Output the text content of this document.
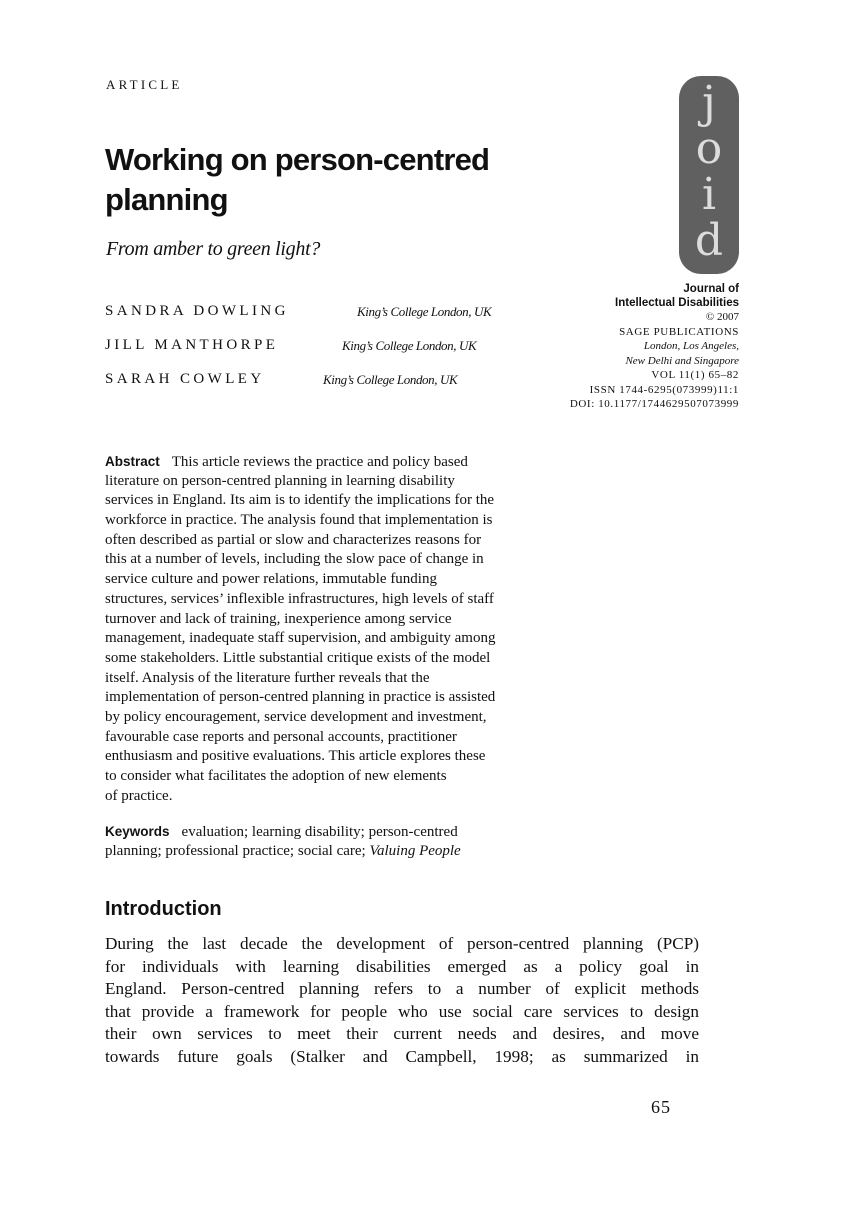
ARTICLE
Working on person-centred
planning
From amber to green light?
SANDRA DOWLING	King’s College London, UK
JILL MANTHORPE	King’s College London, UK
SARAH COWLEY	King’s College London, UK
j
o
i
d
Journal of
Intellectual Disabilities
© 2007
SAGE PUBLICATIONS
London, Los Angeles,
New Delhi and Singapore
VOL 11(1) 65–82
ISSN 1744-6295(073999)11:1
DOI: 10.1177/1744629507073999
Abstract This article reviews the practice and policy based
literature on person-centred planning in learning disability
services in England. Its aim is to identify the implications for the
workforce in practice. The analysis found that implementation is
often described as partial or slow and characterizes reasons for
this at a number of levels, including the slow pace of change in
service culture and power relations, immutable funding
structures, services’ inflexible infrastructures, high levels of staff
turnover and lack of training, inexperience among service
management, inadequate staff supervision, and ambiguity among
some stakeholders. Little substantial critique exists of the model
itself. Analysis of the literature further reveals that the
implementation of person-centred planning in practice is assisted
by policy encouragement, service development and investment,
favourable case reports and personal accounts, practitioner
enthusiasm and positive evaluations. This article explores these
to consider what facilitates the adoption of new elements
of practice.
Keywords evaluation; learning disability; person-centred
planning; professional practice; social care; Valuing People
Introduction
During the last decade the development of person-centred planning (PCP)
for individuals with learning disabilities emerged as a policy goal in
England. Person-centred planning refers to a number of explicit methods
that provide a framework for people who use social care services to design
their own services to meet their current needs and desires, and move
towards future goals (Stalker and Campbell, 1998; as summarized in
65
